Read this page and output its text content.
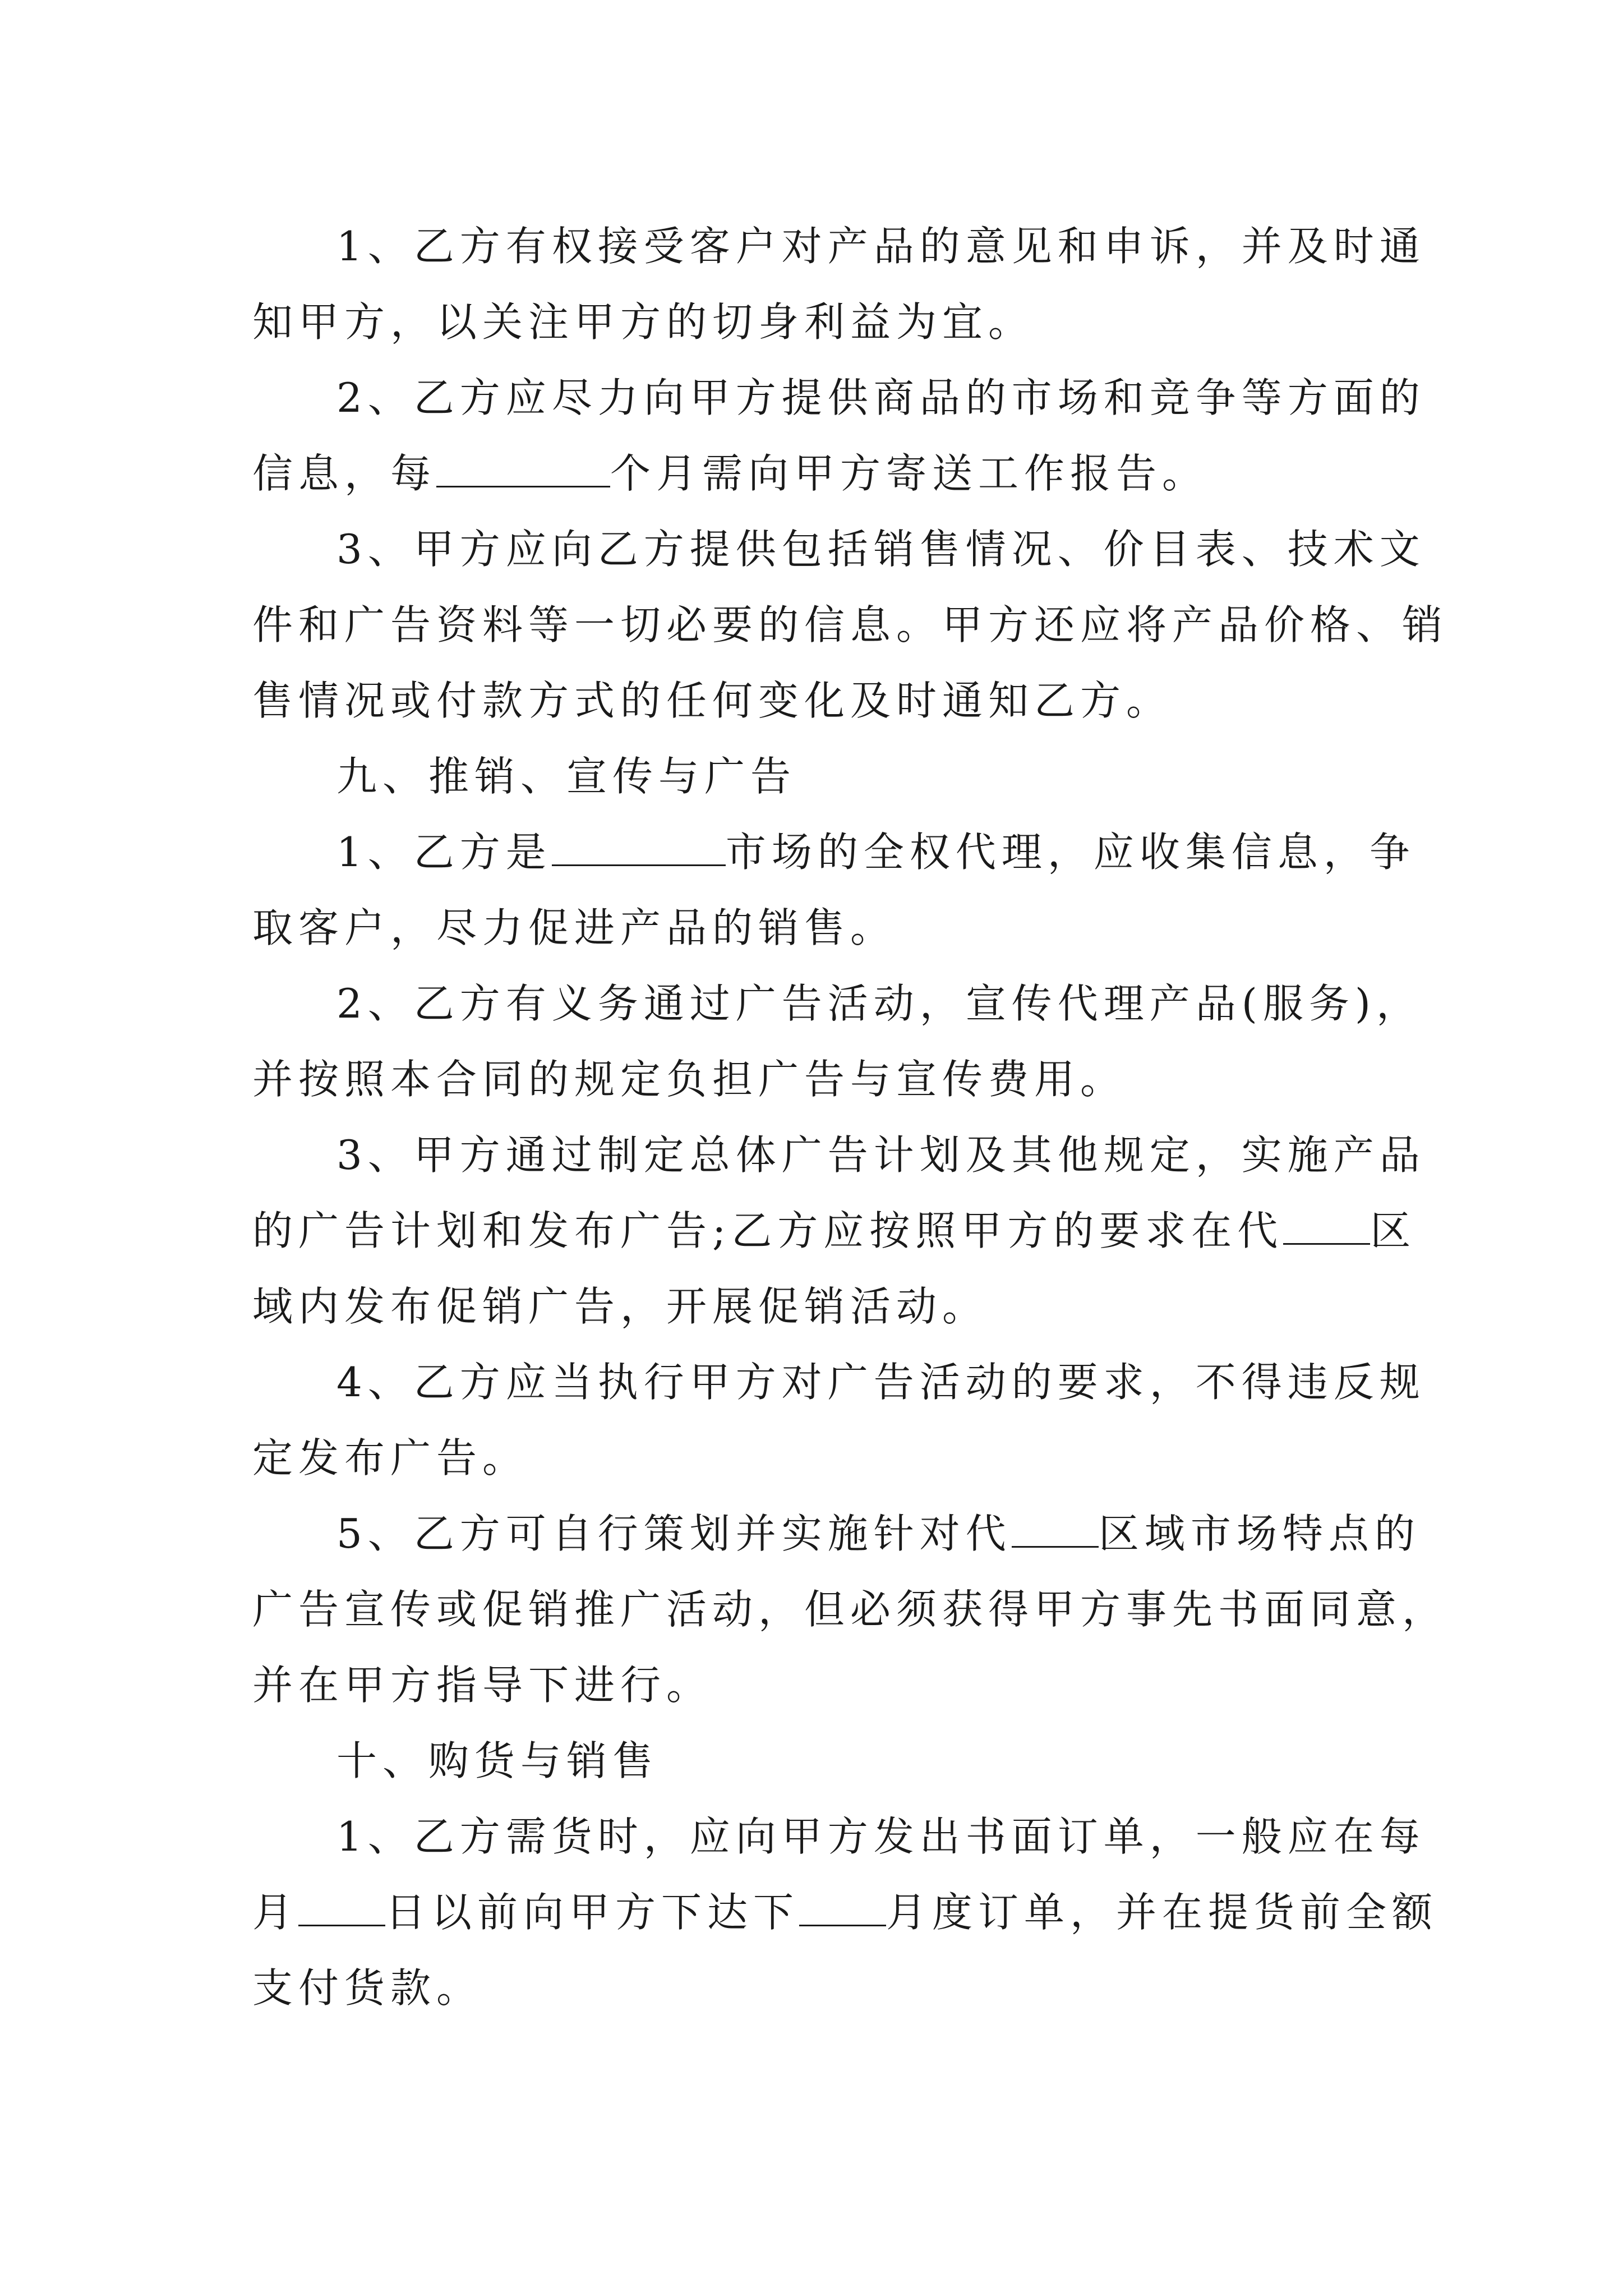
1、乙方有权接受客户对产品的意见和申诉，并及时通
知甲方，以关注甲方的切身利益为宜。
2、乙方应尽力向甲方提供商品的市场和竞争等方面的
信息，每	个月需向甲方寄送工作报告。
3、甲方应向乙方提供包括销售情况、价目表、技术文
件和广告资料等一切必要的信息。甲方还应将产品价格、销
售情况或付款方式的任何变化及时通知乙方。
九、推销、宣传与广告
1、乙方是	市场的全权代理，应收集信息，争
取客户，尽力促进产品的销售。
2、乙方有义务通过广告活动，宣传代理产品(服务)，
并按照本合同的规定负担广告与宣传费用。
3、甲方通过制定总体广告计划及其他规定，实施产品
的广告计划和发布广告;乙方应按照甲方的要求在代 区
域内发布促销广告，开展促销活动。
4、乙方应当执行甲方对广告活动的要求，不得违反规
定发布广告。
5、乙方可自行策划并实施针对代 区域市场特点的
广告宣传或促销推广活动，但必须获得甲方事先书面同意，
并在甲方指导下进行。
十、购货与销售
1、乙方需货时，应向甲方发出书面订单，一般应在每
月 日以前向甲方下达下 月度订单，并在提货前全额
支付货款。
